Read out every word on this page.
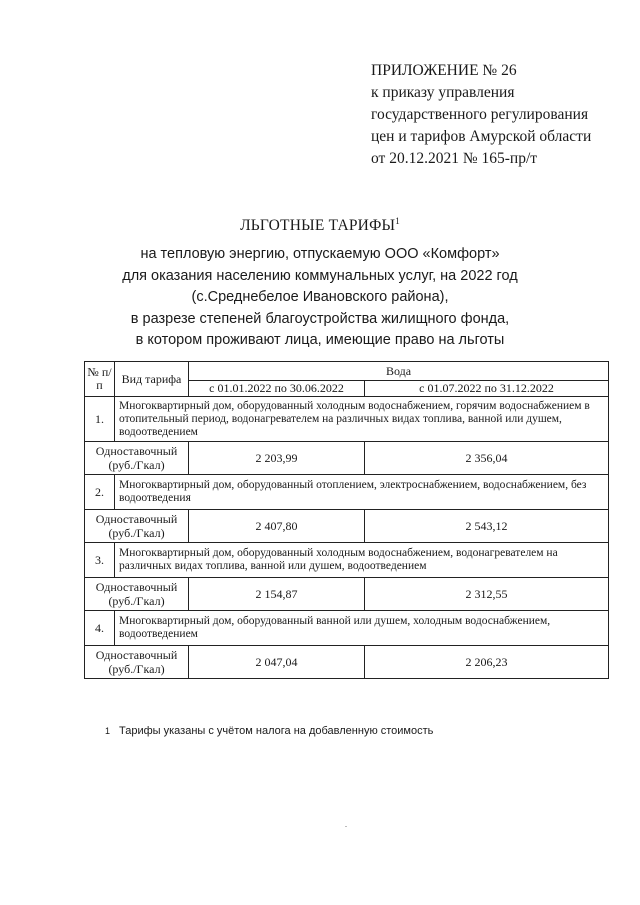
ПРИЛОЖЕНИЕ № 26
к приказу управления
государственного регулирования
цен и тарифов Амурской области
от 20.12.2021 № 165-пр/т
ЛЬГОТНЫЕ ТАРИФЫ$^1$
на тепловую энергию, отпускаемую ООО «Комфорт»
для оказания населению коммунальных услуг, на 2022 год
(с.Среднебелое Ивановского района),
в разрезе степеней благоустройства жилищного фонда,
в котором проживают лица, имеющие право на льготы
№ п/п	Вид тарифа	Вода	
		с 01.01.2022 по 30.06.2022	с 01.07.2022 по 31.12.2022
1.	Многоквартирный дом, оборудованный холодным водоснабжением, горячим водоснабжением в отопительный период, водонагревателем на различных видах топлива, ванной или душем, водоотведением		
Одноставочный (руб./Гкал)		2 203,99	2 356,04
2.	Многоквартирный дом, оборудованный отоплением, электроснабжением, водоснабжением, без водоотведения		
Одноставочный (руб./Гкал)		2 407,80	2 543,12
3.	Многоквартирный дом, оборудованный холодным водоснабжением, водонагревателем на различных видах топлива, ванной или душем, водоотведением		
Одноставочный (руб./Гкал)		2 154,87	2 312,55
4.	Многоквартирный дом, оборудованный ванной или душем, холодным водоснабжением, водоотведением		
Одноставочный (руб./Гкал)		2 047,04	2 206,23
1 Тарифы указаны с учётом налога на добавленную стоимость
